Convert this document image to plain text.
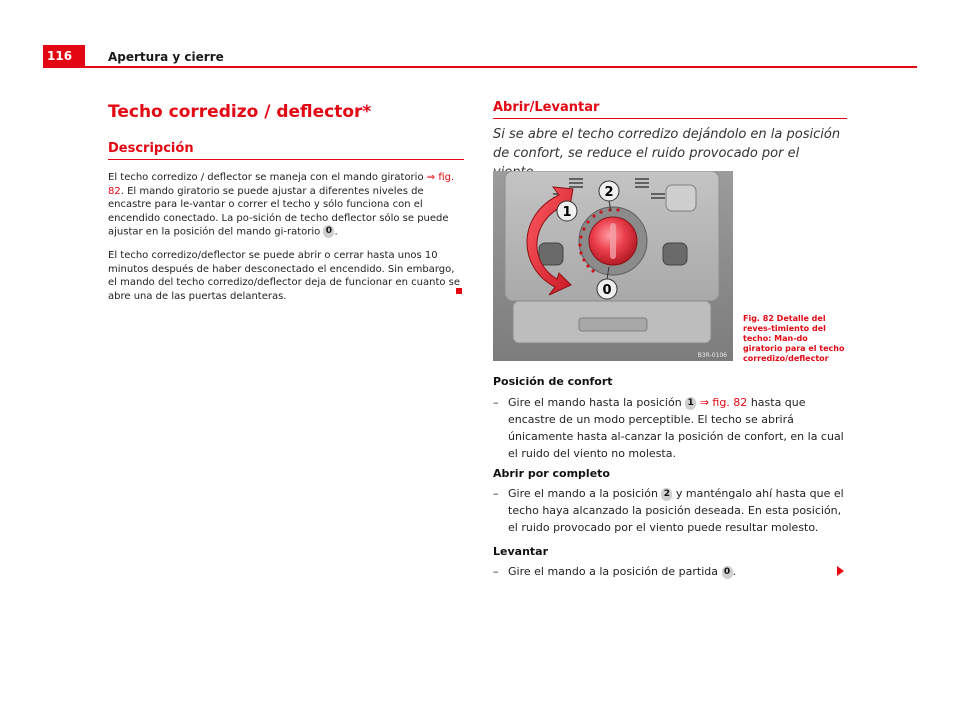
116	Apertura y cierre
Techo corredizo / deflector*
Descripción
El techo corredizo / deflector se maneja con el mando giratorio ⇒ fig. 82. El mando giratorio se puede ajustar a diferentes niveles de encastre para le-vantar o correr el techo y sólo funciona con el encendido conectado. La po-sición de techo deflector sólo se puede ajustar en la posición del mando gi-ratorio 0 .
El techo corredizo/deflector se puede abrir o cerrar hasta unos 10 minutos después de haber desconectado el encendido. Sin embargo, el mando del techo corredizo/deflector deja de funcionar en cuanto se abre una de las puertas delanteras.
Abrir/Levantar
Si se abre el techo corredizo dejándolo en la posición de confort, se reduce el ruido provocado por el
1
2
0
B3R-0106
Fig. 82 Detalle del reves-timiento del techo: Man-do giratorio para el techo corredizo/deflector
Posición de confort
– Gire el mando hasta la posición 1 ⇒ fig. 82 hasta que encastre de un modo perceptible. El techo se abrirá únicamente hasta al-canzar la posición de confort, en la cual el ruido del viento no molesta.
Abrir por completo
– Gire el mando a la posición 2 y manténgalo ahí hasta que el techo haya alcanzado la posición deseada. En esta posición, el ruido provocado por el viento puede resultar molesto.
Levantar
– Gire el mando a la posición de partida 0 .
